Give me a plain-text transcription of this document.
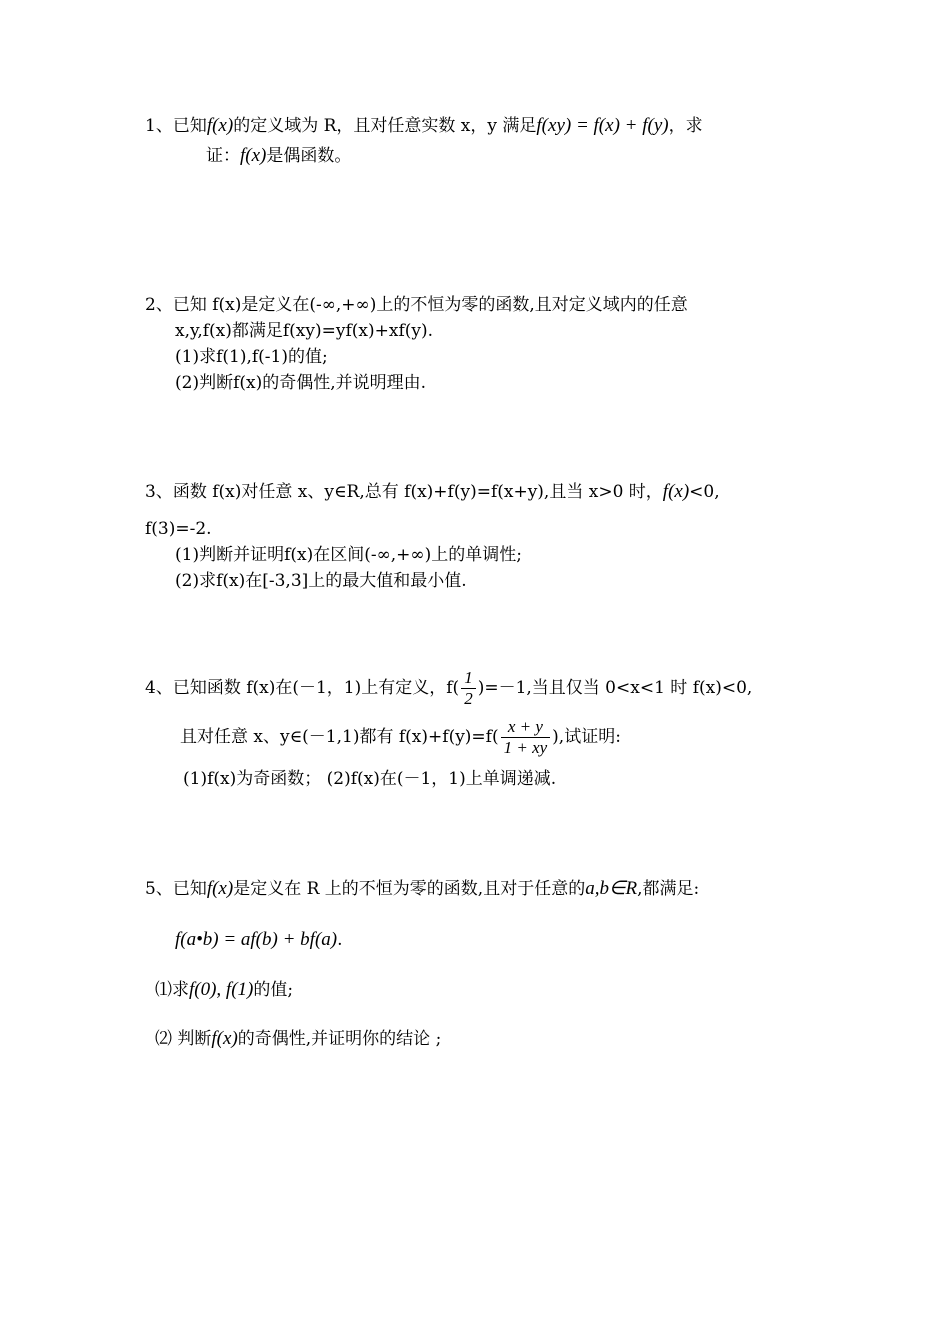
1、已知f(x)的定义域为 R，且对任意实数 x，y 满足f(xy) = f(x) + f(y)，求
证：f(x)是偶函数。
2、已知 f(x)是定义在(-∞,+∞)上的不恒为零的函数,且对定义域内的任意
x,y,f(x)都满足f(xy)=yf(x)+xf(y).
(1)求f(1),f(-1)的值;
(2)判断f(x)的奇偶性,并说明理由.
3、函数 f(x)对任意 x、y∈R,总有 f(x)+f(y)=f(x+y),且当 x>0 时，f(x)<0,
f(3)=-2.
(1)判断并证明f(x)在区间(-∞,+∞)上的单调性;
(2)求f(x)在[-3,3]上的最大值和最小值.
4、已知函数 f(x)在(－1，1)上有定义，$f( \frac{1}{2} )=-1$,当且仅当 0<x<1 时 f(x)<0,
且对任意 x、y∈(－1,1)都有 $f(x)+f(y)=f( \frac{x + y}{1 + xy}$ ),试证明:
(1)f(x)为奇函数； (2)f(x)在(－1，1)上单调递减.
5、已知f(x)是定义在 R 上的不恒为零的函数,且对于任意的a,b∈R,都满足:
f(a•b) = af(b) + bf(a).
⑴求f(0), f(1)的值;
⑵ 判断f(x)的奇偶性,并证明你的结论 ;
